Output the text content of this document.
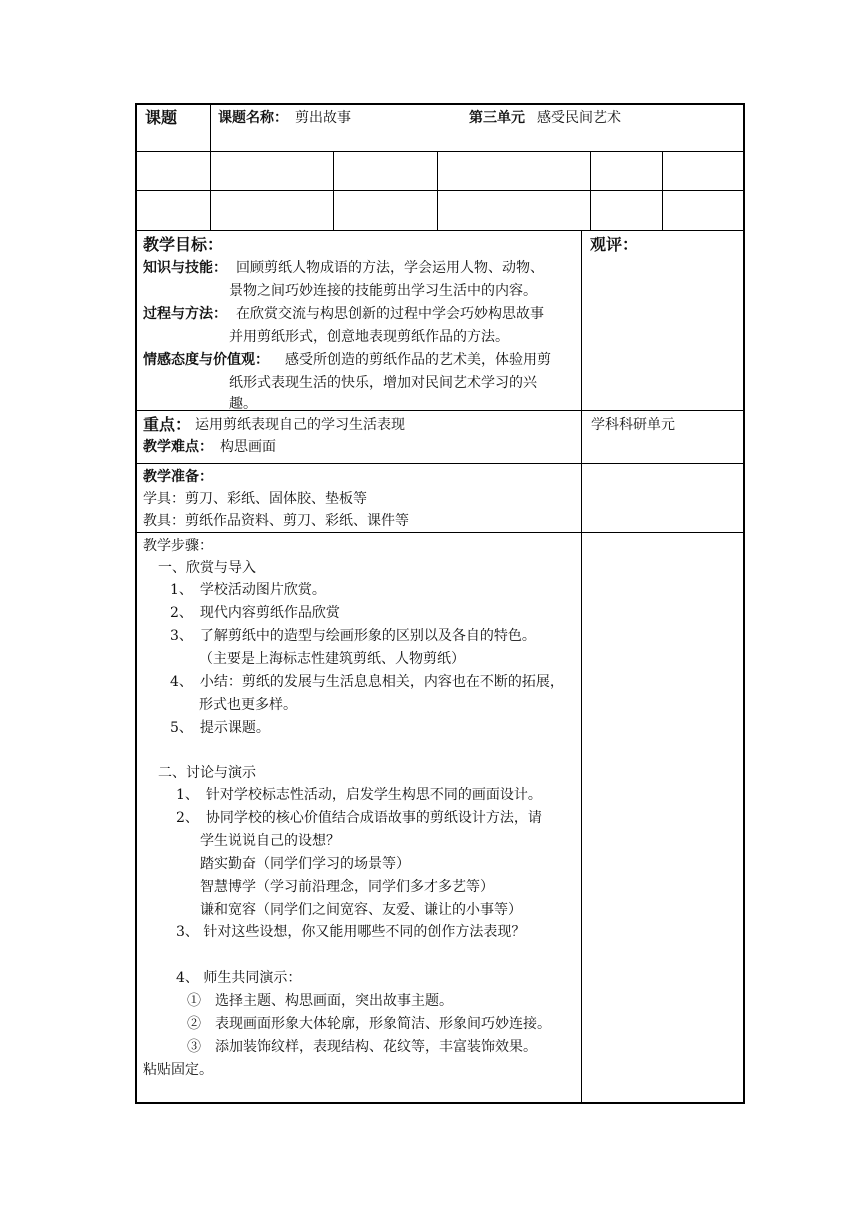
课题	课题名称： 剪出故事	第三单元 感受民间艺术
教学目标：
知识与技能： 回顾剪纸人物成语的方法，学会运用人物、动物、
景物之间巧妙连接的技能剪出学习生活中的内容。
过程与方法： 在欣赏交流与构思创新的过程中学会巧妙构思故事
并用剪纸形式，创意地表现剪纸作品的方法。
情感态度与价值观： 感受所创造的剪纸作品的艺术美，体验用剪
纸形式表现生活的快乐，增加对民间艺术学习的兴
趣。
观评：
学科科研单元
重点： 运用剪纸表现自己的学习生活表现
教学难点： 构思画面
教学准备：
学具：剪刀、彩纸、固体胶、垫板等
教具：剪纸作品资料、剪刀、彩纸、课件等
教学步骤：
一、欣赏与导入
1、　学校活动图片欣赏。
2、　现代内容剪纸作品欣赏
3、　了解剪纸中的造型与绘画形象的区别以及各自的特色。
（主要是上海标志性建筑剪纸、人物剪纸）
4、　小结：剪纸的发展与生活息息相关，内容也在不断的拓展，
形式也更多样。
5、　提示课题。
二、讨论与演示
1、　针对学校标志性活动，启发学生构思不同的画面设计。
2、　协同学校的核心价值结合成语故事的剪纸设计方法，请
学生说说自己的设想？
踏实勤奋（同学们学习的场景等）
智慧博学（学习前沿理念，同学们多才多艺等）
谦和宽容（同学们之间宽容、友爱、谦让的小事等）
3、 针对这些设想，你又能用哪些不同的创作方法表现？
4、 师生共同演示：
①　选择主题、构思画面，突出故事主题。
②　表现画面形象大体轮廓，形象简洁、形象间巧妙连接。
③　添加装饰纹样，表现结构、花纹等，丰富装饰效果。
粘贴固定。
